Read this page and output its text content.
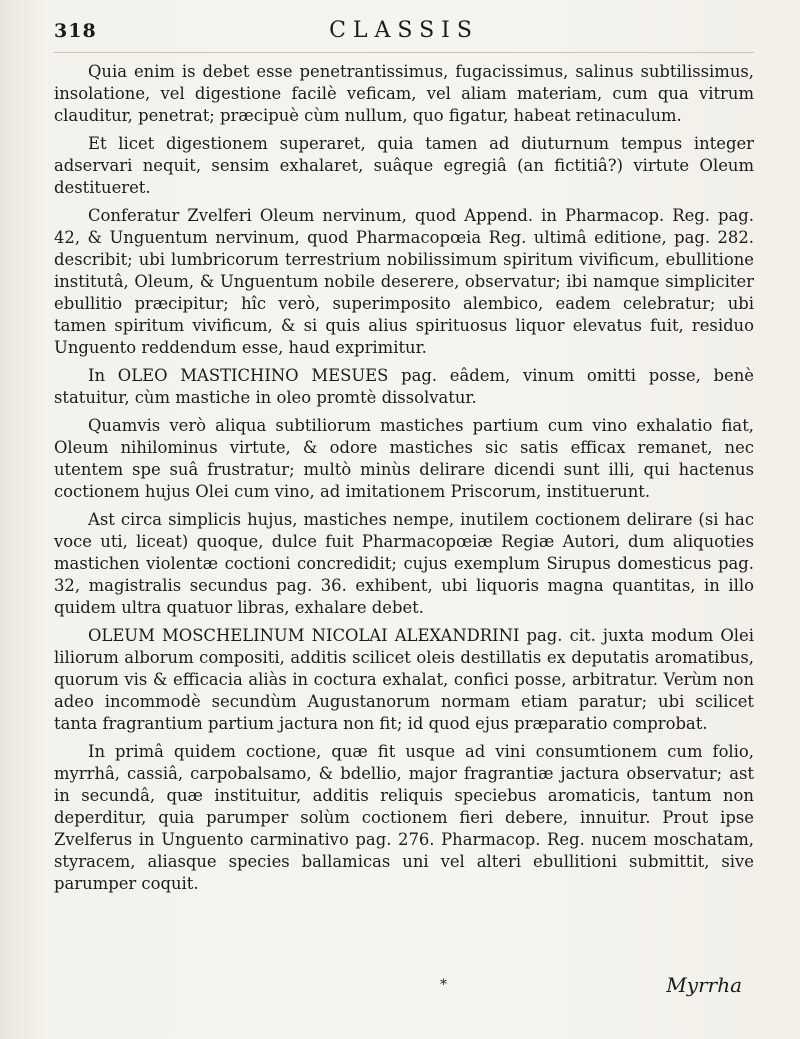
318	CLASSIS

Quia enim is debet esse penetrantissimus, fugacissimus, salinus subtilissimus, insolatione, vel digestione facilè veficam, vel aliam materiam, cum qua vitrum clauditur, penetrat; præcipuè cùm nullum, quo figatur, habeat retinaculum.

Et licet digestionem superaret, quia tamen ad diuturnum tempus integer adservari nequit, sensim exhalaret, suâque egregiâ (an fictitiâ?) virtute Oleum destitueret.

Conferatur Zvelferi Oleum nervinum, quod Append. in Pharmacop. Reg. pag. 42, & Unguentum nervinum, quod Pharmacopœia Reg. ultimâ editione, pag. 282. describit; ubi lumbricorum terrestrium nobilissimum spiritum vivificum, ebullitione institutâ, Oleum, & Unguentum nobile deserere, observatur; ibi namque simpliciter ebullitio præcipitur; hîc verò, superimposito alembico, eadem celebratur; ubi tamen spiritum vivificum, & si quis alius spirituosus liquor elevatus fuit, residuo Unguento reddendum esse, haud exprimitur.

In OLEO MASTICHINO MESUES pag. eâdem, vinum omitti posse, benè statuitur, cùm mastiche in oleo promtè dissolvatur.

Quamvis verò aliqua subtiliorum mastiches partium cum vino exhalatio fiat, Oleum nihilominus virtute, & odore mastiches sic satis efficax remanet, nec utentem spe suâ frustratur; multò minùs delirare dicendi sunt illi, qui hactenus coctionem hujus Olei cum vino, ad imitationem Priscorum, instituerunt.

Ast circa simplicis hujus, mastiches nempe, inutilem coctionem delirare (si hac voce uti, liceat) quoque, dulce fuit Pharmacopœiæ Regiæ Autori, dum aliquoties mastichen violentæ coctioni concredidit; cujus exemplum Sirupus domesticus pag. 32, magistralis secundus pag. 36. exhibent, ubi liquoris magna quantitas, in illo quidem ultra quatuor libras, exhalare debet.

OLEUM MOSCHELINUM NICOLAI ALEXANDRINI pag. cit. juxta modum Olei liliorum alborum compositi, additis scilicet oleis destillatis ex deputatis aromatibus, quorum vis & efficacia aliàs in coctura exhalat, confici posse, arbitratur. Verùm non adeo incommodè secundùm Augustanorum normam etiam paratur; ubi scilicet tanta fragrantium partium jactura non fit; id quod ejus præparatio comprobat.

In primâ quidem coctione, quæ fit usque ad vini consumtionem cum folio, myrrhâ, cassiâ, carpobalsamo, & bdellio, major fragrantiæ jactura observatur; ast in secundâ, quæ instituitur, additis reliquis speciebus aromaticis, tantum non deperditur, quia parumper solùm coctionem fieri debere, innuitur. Prout ipse Zvelferus in Unguento carminativo pag. 276. Pharmacop. Reg. nucem moschatam, styracem, aliasque species ballamicas uni vel alteri ebullitioni submittit, sive parumper coquit.

*	Myrrha
